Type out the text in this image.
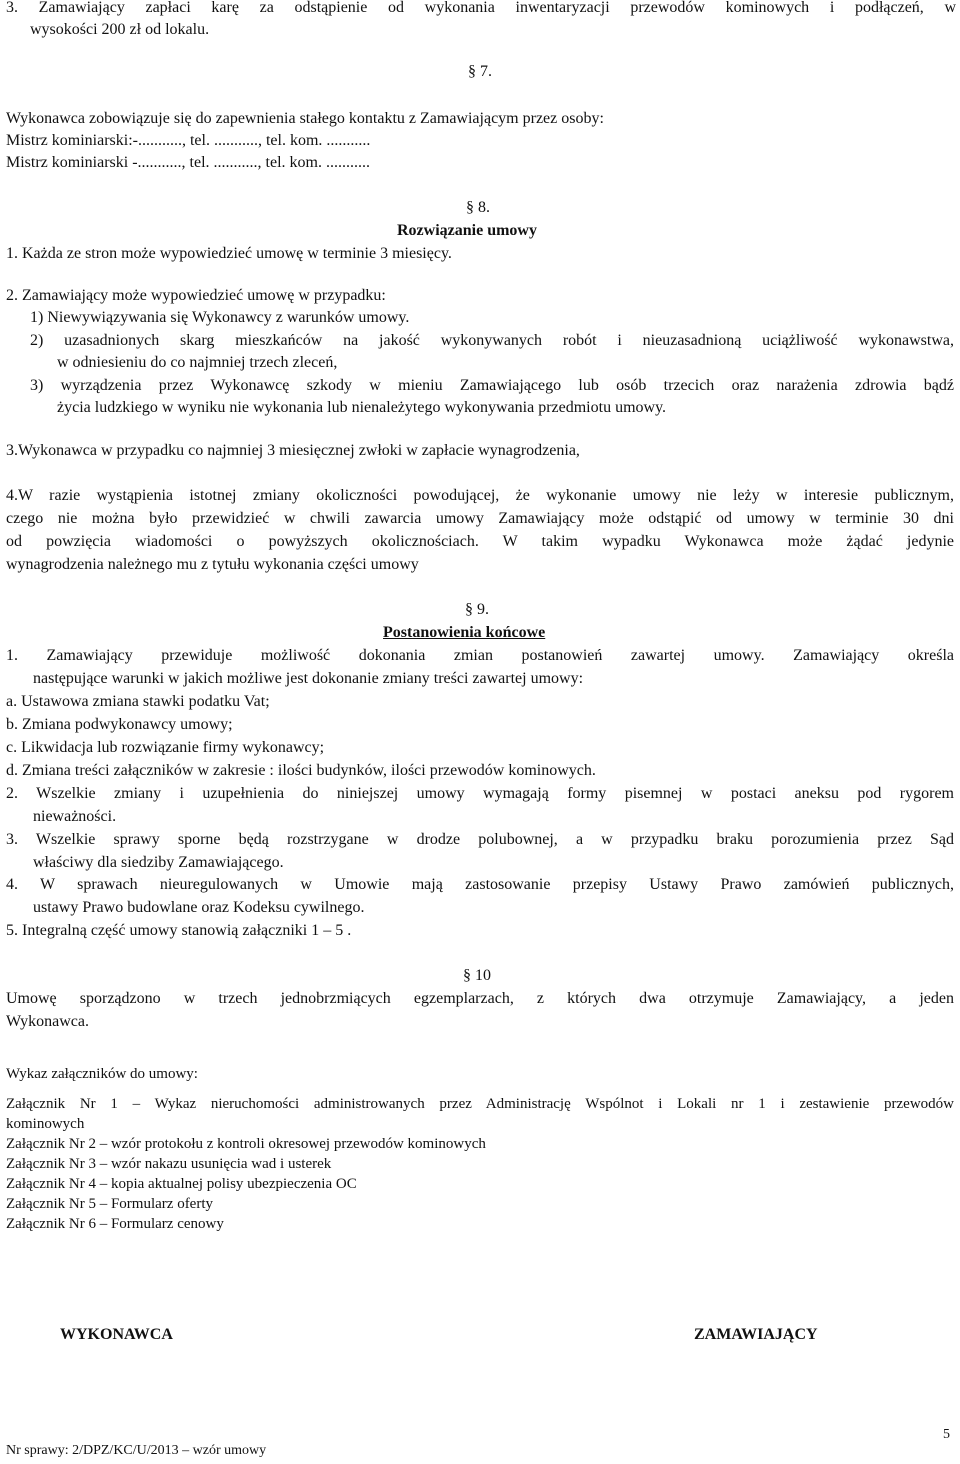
3. Zamawiający zapłaci karę za odstąpienie od wykonania inwentaryzacji przewodów kominowych i podłączeń, w
wysokości 200 zł od lokalu.
§ 7.
Wykonawca zobowiązuje się do zapewnienia stałego kontaktu z Zamawiającym przez osoby:
Mistrz kominiarski:-..........., tel. ..........., tel. kom. ...........
Mistrz kominiarski -..........., tel. ..........., tel. kom. ...........
§ 8.
Rozwiązanie umowy
1. Każda ze stron może wypowiedzieć umowę w terminie 3 miesięcy.
2. Zamawiający może wypowiedzieć umowę w przypadku:
1) Niewywiązywania się Wykonawcy z warunków umowy.
2) uzasadnionych skarg mieszkańców na jakość wykonywanych robót i nieuzasadnioną uciążliwość wykonawstwa,
w odniesieniu do co najmniej trzech zleceń,
3) wyrządzenia przez Wykonawcę szkody w mieniu Zamawiającego lub osób trzecich oraz narażenia zdrowia bądź
życia ludzkiego w wyniku nie wykonania lub nienależytego wykonywania przedmiotu umowy.
3.Wykonawca w przypadku co najmniej 3 miesięcznej zwłoki w zapłacie wynagrodzenia,
4.W razie wystąpienia istotnej zmiany okoliczności powodującej, że wykonanie umowy nie leży w interesie publicznym,
czego nie można było przewidzieć w chwili zawarcia umowy Zamawiający może odstąpić od umowy w terminie 30 dni
od powzięcia wiadomości o powyższych okolicznościach. W takim wypadku Wykonawca może żądać jedynie
wynagrodzenia należnego mu z tytułu wykonania części umowy
§ 9.
Postanowienia końcowe
1. Zamawiający przewiduje możliwość dokonania zmian postanowień zawartej umowy. Zamawiający określa
następujące warunki w jakich możliwe jest dokonanie zmiany treści zawartej umowy:
a. Ustawowa zmiana stawki podatku Vat;
b. Zmiana podwykonawcy umowy;
c. Likwidacja lub rozwiązanie firmy wykonawcy;
d. Zmiana treści załączników w zakresie : ilości budynków, ilości przewodów kominowych.
2. Wszelkie zmiany i uzupełnienia do niniejszej umowy wymagają formy pisemnej w postaci aneksu pod rygorem
nieważności.
3. Wszelkie sprawy sporne będą rozstrzygane w drodze polubownej, a w przypadku braku porozumienia przez Sąd
właściwy dla siedziby Zamawiającego.
4. W sprawach nieuregulowanych w Umowie mają zastosowanie przepisy Ustawy Prawo zamówień publicznych,
ustawy Prawo budowlane oraz Kodeksu cywilnego.
5. Integralną część umowy stanowią załączniki 1 – 5 .
§ 10
Umowę sporządzono w trzech jednobrzmiących egzemplarzach, z których dwa otrzymuje Zamawiający, a jeden
Wykonawca.
Wykaz załączników do umowy:
Załącznik Nr 1 – Wykaz nieruchomości administrowanych przez Administrację Wspólnot i Lokali nr 1 i zestawienie przewodów
kominowych
Załącznik Nr 2 – wzór protokołu z kontroli okresowej przewodów kominowych
Załącznik Nr 3 – wzór nakazu usunięcia wad i usterek
Załącznik Nr 4 – kopia aktualnej polisy ubezpieczenia OC
Załącznik Nr 5 – Formularz oferty
Załącznik Nr 6 – Formularz cenowy
WYKONAWCA	ZAMAWIAJĄCY
5
Nr sprawy: 2/DPZ/KC/U/2013 – wzór umowy
